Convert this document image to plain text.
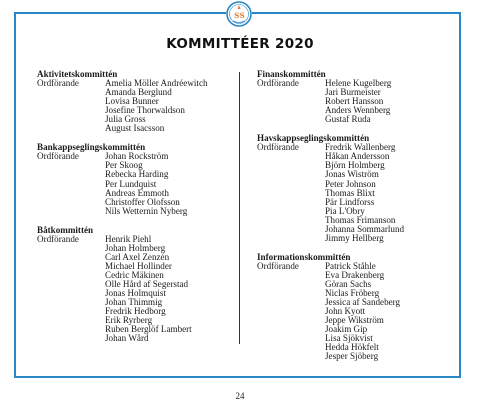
S S
KOMMITTÉER 2020
Aktivitetskommittén
Ordförande	Amelia Möller Andréewitch
Amanda Berglund
Lovisa Bunner
Josefine Thorwaldson
Julia Gross
August Isacsson
Bankappseglingskommittén
Ordförande	Johan Rockström
Per Skoog
Rebecka Harding
Per Lundquist
Andreas Emmoth
Christoffer Olofsson
Nils Wetternin Nyberg
Båtkommittén
Ordförande	Henrik Piehl
Johan Holmberg
Carl Axel Zenzén
Michael Hollinder
Cedric Mäkinen
Olle Hård af Segerstad
Jonas Holmquist
Johan Thimmig
Fredrik Hedborg
Erik Ryrberg
Ruben Berglöf Lambert
Johan Wård
Finanskommittén
Ordförande	Helene Kugelberg
Jari Burmeister
Robert Hansson
Anders Wennberg
Gustaf Ruda
Havskappseglingskommittén
Ordförande	Fredrik Wallenberg
Håkan Andersson
Björn Holmberg
Jonas Wiström
Peter Johnson
Thomas Blixt
Pär Lindforss
Pia L'Obry
Thomas Frimanson
Johanna Sommarlund
Jimmy Hellberg
Informationskommittén
Ordförande	Patrick Ståhle
Eva Drakenberg
Göran Sachs
Niclas Fröberg
Jessica af Sandeberg
John Kyott
Jeppe Wikström
Joakim Gip
Lisa Sjökvist
Hedda Hökfelt
Jesper Sjöberg
24
